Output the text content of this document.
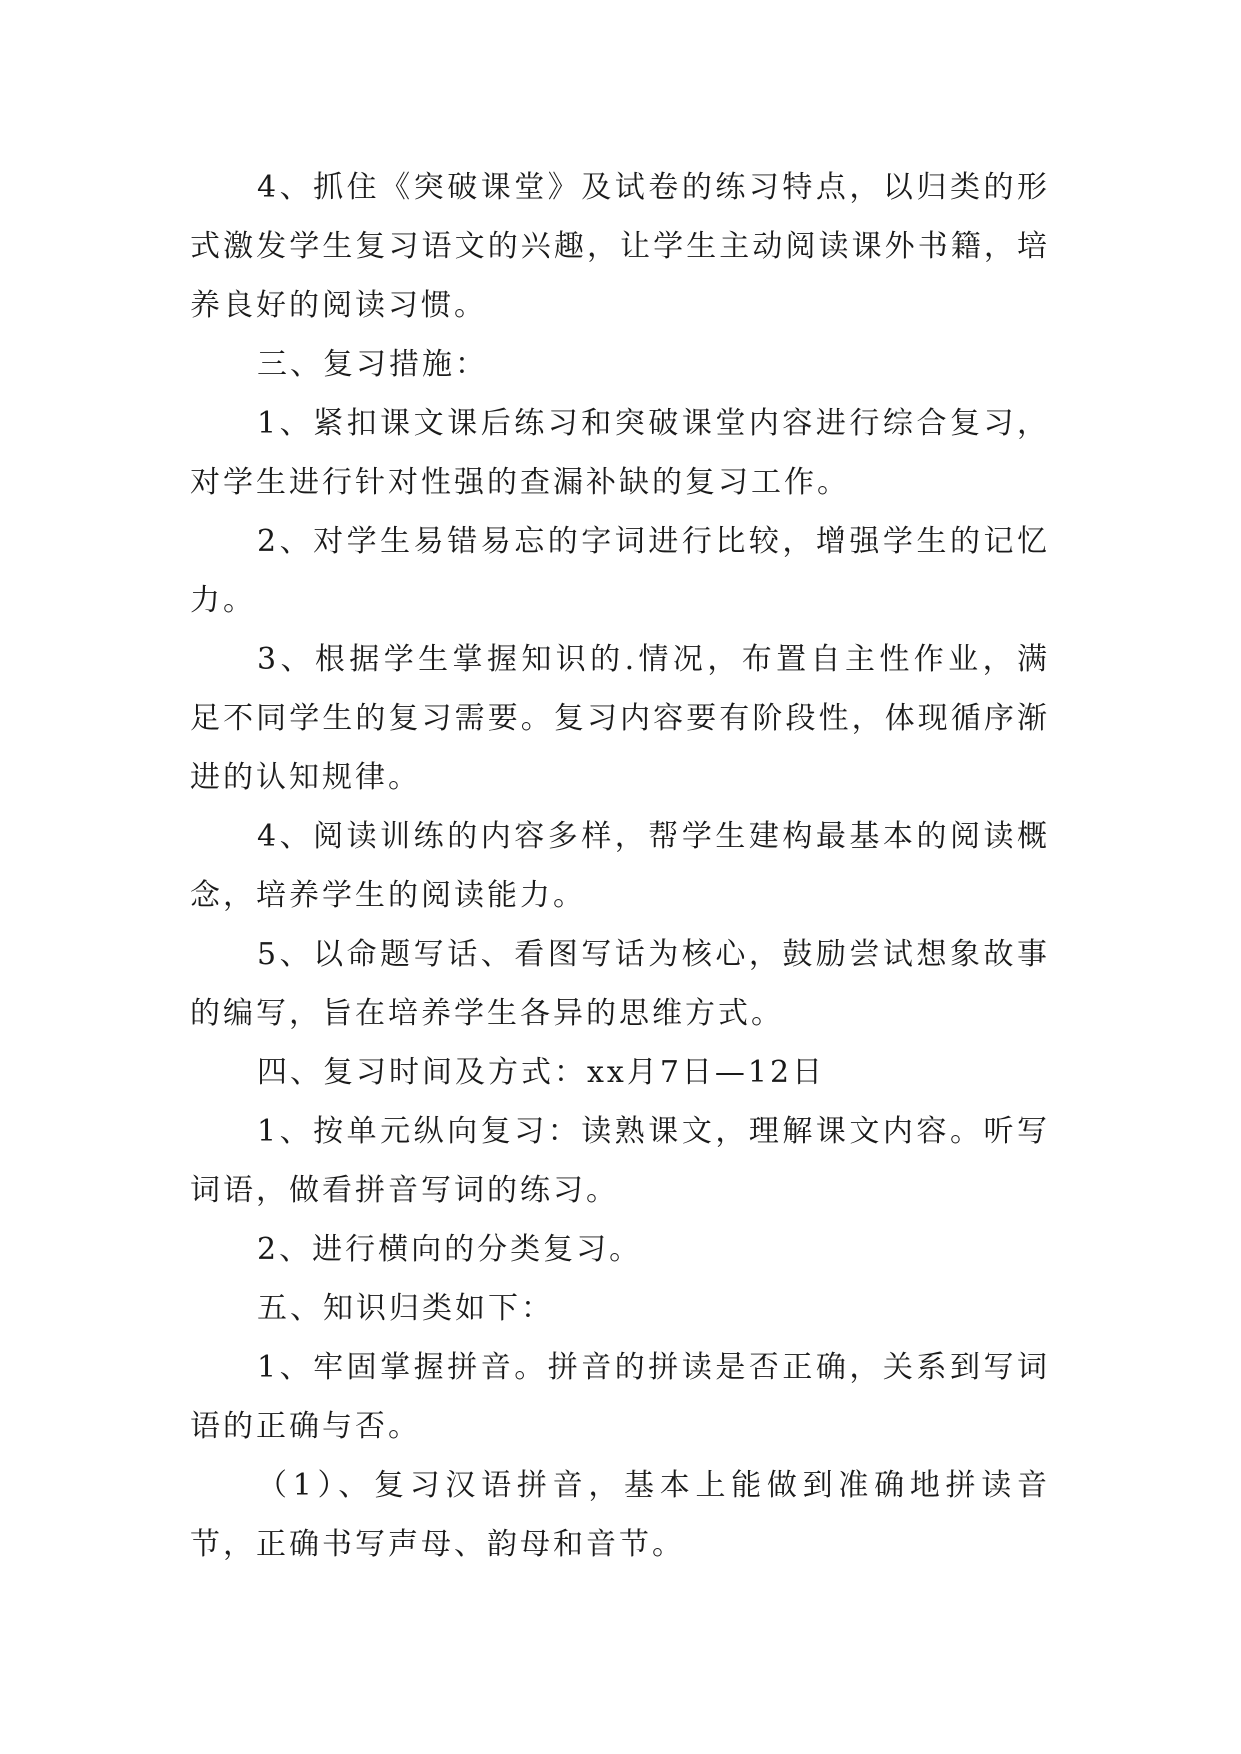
4、抓住《突破课堂》及试卷的练习特点，以归类的形式激发学生复习语文的兴趣，让学生主动阅读课外书籍，培养良好的阅读习惯。

三、复习措施：

1、紧扣课文课后练习和突破课堂内容进行综合复习，对学生进行针对性强的查漏补缺的复习工作。

2、对学生易错易忘的字词进行比较，增强学生的记忆力。

3、根据学生掌握知识的.情况，布置自主性作业，满足不同学生的复习需要。复习内容要有阶段性，体现循序渐进的认知规律。

4、阅读训练的内容多样，帮学生建构最基本的阅读概念，培养学生的阅读能力。

5、以命题写话、看图写话为核心，鼓励尝试想象故事的编写，旨在培养学生各异的思维方式。

四、复习时间及方式：xx月7日—12日

1、按单元纵向复习：读熟课文，理解课文内容。听写词语，做看拼音写词的练习。

2、进行横向的分类复习。

五、知识归类如下：

1、牢固掌握拼音。拼音的拼读是否正确，关系到写词语的正确与否。

（1）、复习汉语拼音，基本上能做到准确地拼读音节，正确书写声母、韵母和音节。
